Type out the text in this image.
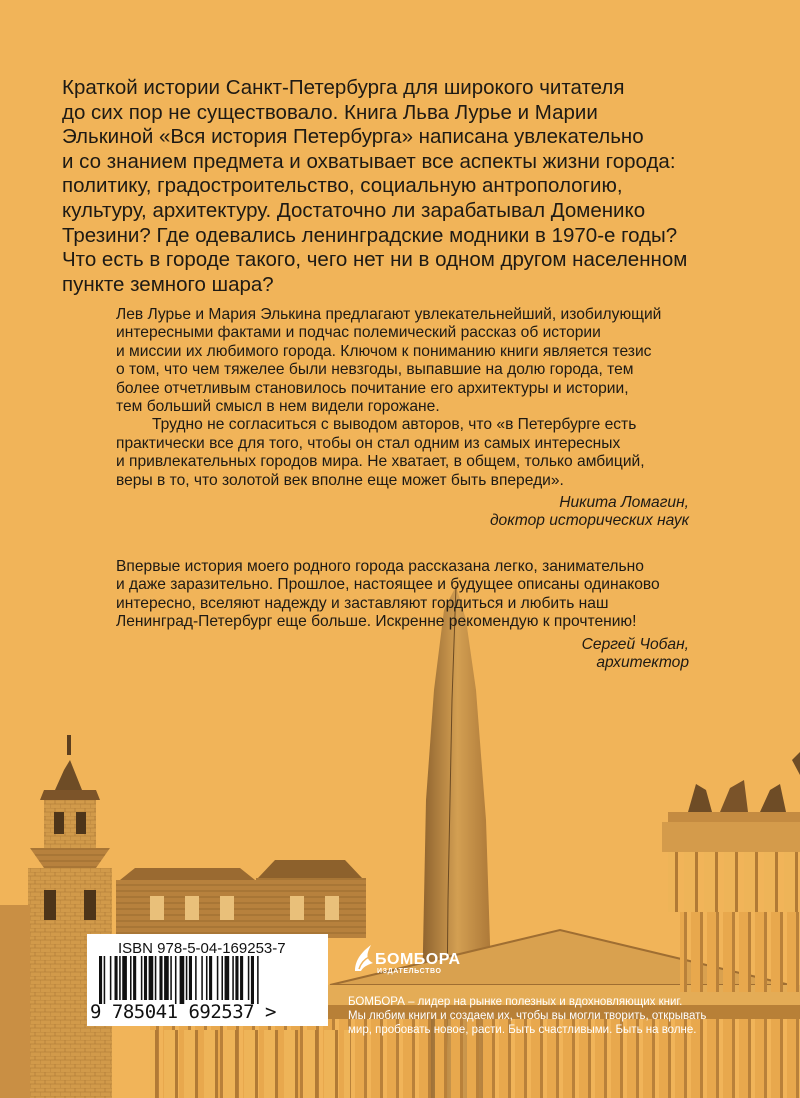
Краткой истории Санкт-Петербурга для широкого читателя
до сих пор не существовало. Книга Льва Лурье и Марии
Элькиной «Вся история Петербурга» написана увлекательно
и со знанием предмета и охватывает все аспекты жизни города:
политику, градостроительство, социальную антропологию,
культуру, архитектуру. Достаточно ли зарабатывал Доменико
Трезини? Где одевались ленинградские модники в 1970-е годы?
Что есть в городе такого, чего нет ни в одном другом населенном
пункте земного шара?
Лев Лурье и Мария Элькина предлагают увлекательнейший, изобилующий
интересными фактами и подчас полемический рассказ об истории
и миссии их любимого города. Ключом к пониманию книги является тезис
о том, что чем тяжелее были невзгоды, выпавшие на долю города, тем
более отчетливым становилось почитание его архитектуры и истории,
тем больший смысл в нем видели горожане.
Трудно не согласиться с выводом авторов, что «в Петербурге есть
практически все для того, чтобы он стал одним из самых интересных
и привлекательных городов мира. Не хватает, в общем, только амбиций,
веры в то, что золотой век вполне еще может быть впереди».
Никита Ломагин,
доктор исторических наук
Впервые история моего родного города рассказана легко, занимательно
и даже заразительно. Прошлое, настоящее и будущее описаны одинаково
интересно, вселяют надежду и заставляют гордиться и любить наш
Ленинград-Петербург еще больше. Искренне рекомендую к прочтению!
Сергей Чобан,
архитектор
ISBN 978-5-04-169253-7
9 785041 692537 >
БОМБОРА
ИЗДАТЕЛЬСТВО
БОМБОРА – лидер на рынке полезных и вдохновляющих книг.
Мы любим книги и создаем их, чтобы вы могли творить, открывать
мир, пробовать новое, расти. Быть счастливыми. Быть на волне.
